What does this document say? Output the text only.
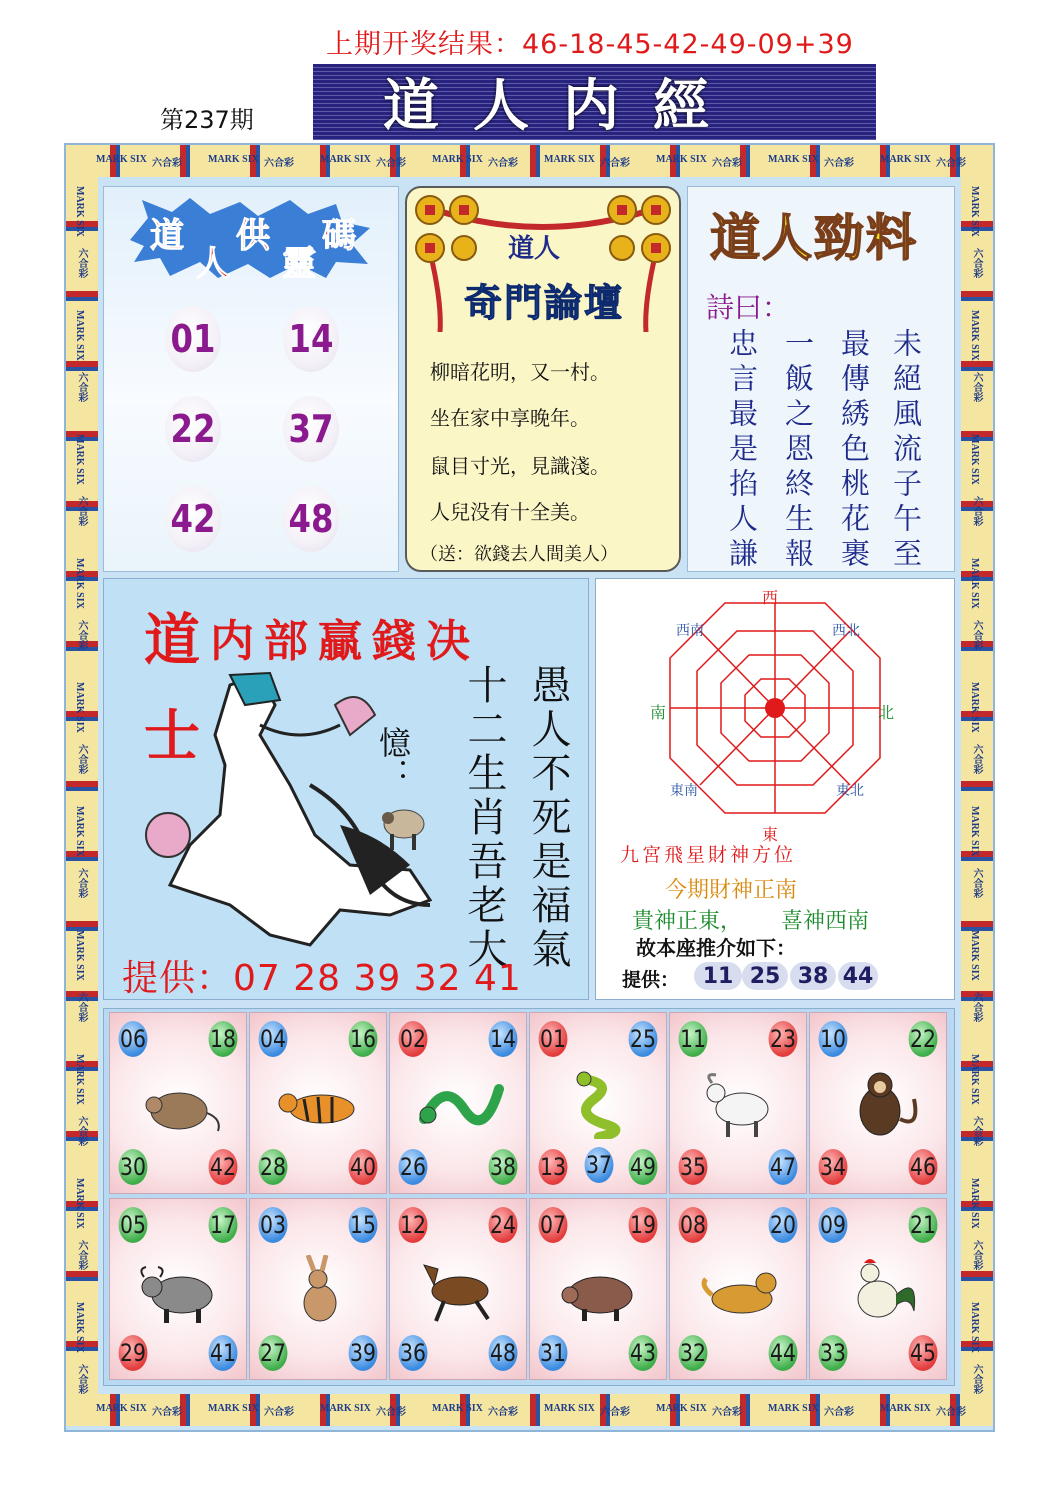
上期开奖结果：46-18-45-42-49-09+39
道人内經
第237期
MARK SIX
MARK SIX
六合彩
六合彩
MARK SIX
MARK SIX
六合彩
六合彩
MARK SIX
MARK SIX
六合彩
六合彩
MARK SIX
MARK SIX
六合彩
六合彩
MARK SIX
MARK SIX
六合彩
六合彩
MARK SIX
MARK SIX
六合彩
六合彩
MARK SIX
MARK SIX
六合彩
六合彩
MARK SIX
MARK SIX
六合彩
六合彩
MARK SIX	MARK SIX
六合彩	六合彩
MARK SIX	MARK SIX
六合彩	六合彩
MARK SIX	MARK SIX
六合彩	六合彩
MARK SIX	MARK SIX
六合彩	六合彩
MARK SIX	MARK SIX
六合彩	六合彩
MARK SIX	MARK SIX
六合彩	六合彩
MARK SIX	MARK SIX
六合彩	六合彩
MARK SIX	MARK SIX
六合彩	六合彩
MARK SIX	MARK SIX
六合彩	六合彩
MARK SIX	MARK SIX
六合彩	六合彩
道
人
供
靈
碼
01 14
22 37
42 48
道人
奇門論壇
柳暗花明，又一村。
坐在家中享晚年。
鼠目寸光，見識淺。
人兒没有十全美。
（送：欲錢去人間美人）
道人勁料
詩曰：
未絕風流子午至
最傳綉色桃花裹
一飯之恩終生報
忠言最是掐人謙
内部贏錢决
道士	憶： 十二生肖吾老大 愚人不死是福氣
提供：07 28 39 32 41
西
東
南	北
西南	西北
東南	東北
九宮飛星財神方位
今期財神正南
貴神正東， 喜神西南
故本座推介如下：
提供：	11 25 38 44
06	18
30	42
04	16
28	40
02	14
26	38
01	25
13	49
37
11	23
35	47
10	22
34	46
05	17
29	41
03	15
27	39
12	24
36	48
07	19
31	43
08	20
32	44
09	21
33	45
